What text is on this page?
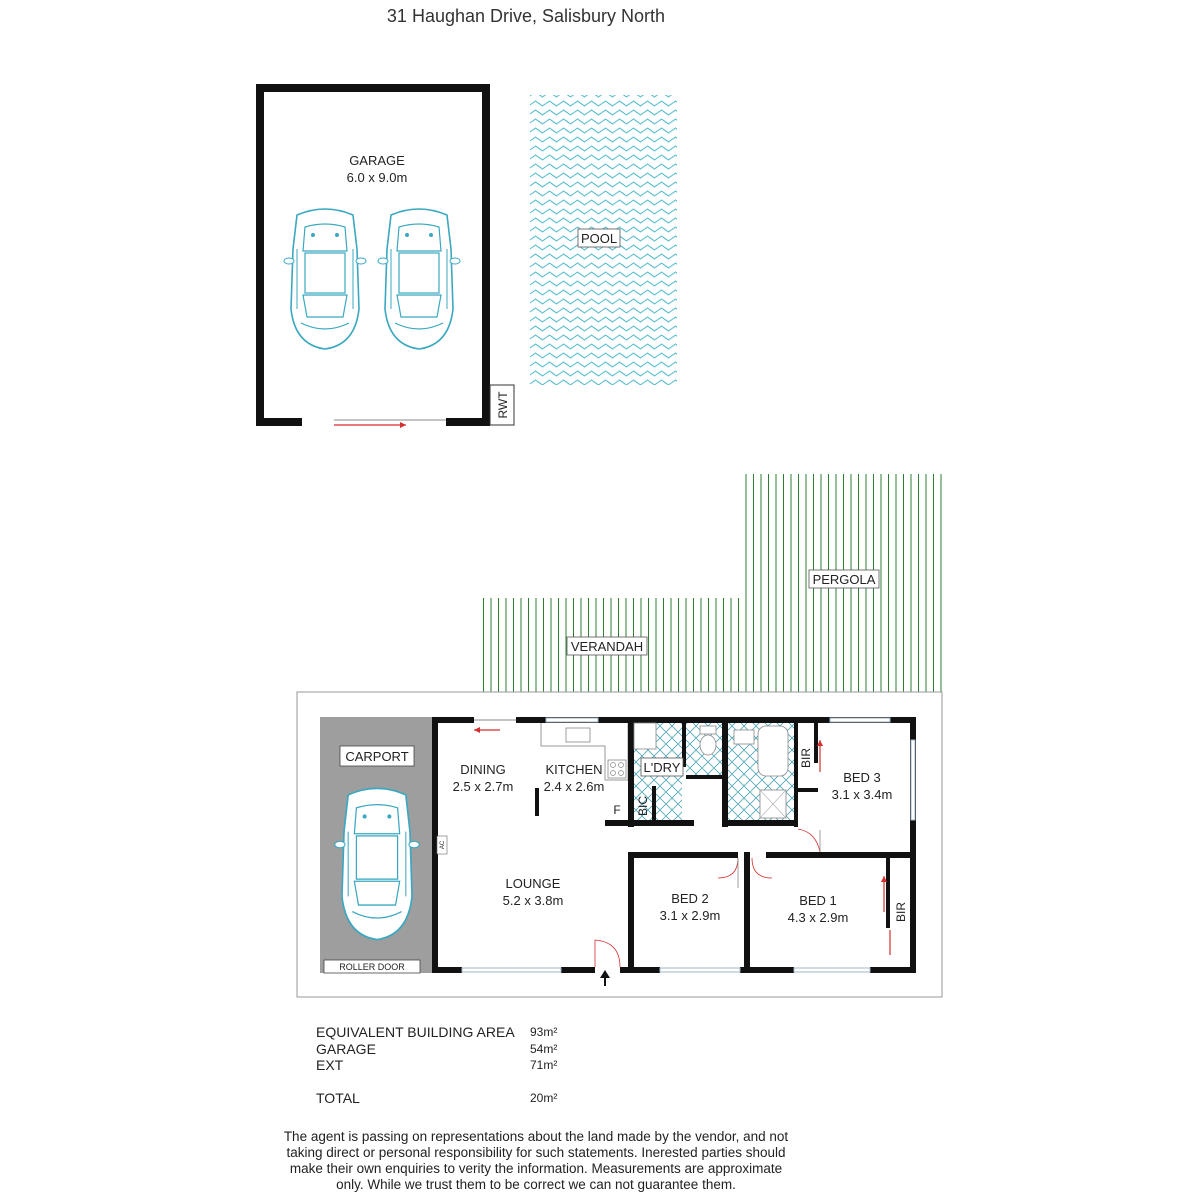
31 Haughan Drive, Salisbury North
GARAGE
6.0 x 9.0m
RWT
POOL
VERANDAH
PERGOLA
CARPORT
ROLLER DOOR
F
L'DRY
BIC
BIR
BED 3
3.1 x 3.4m
BIR
AC
DINING
2.5 x 2.7m
KITCHEN
2.4 x 2.6m
LOUNGE
5.2 x 3.8m	BED 2
3.1 x 2.9m
BED 1
4.3 x 2.9m
EQUIVALENT BUILDING AREA 93m²
GARAGE	54m²
EXT	71m²
TOTAL	20m²
The agent is passing on representations about the land made by the vendor, and not taking direct or personal responsibility for such statements. Inerested parties should make their own enquiries to verity the information. Measurements are approximate only. While we trust them to be correct we can not guarantee them.
